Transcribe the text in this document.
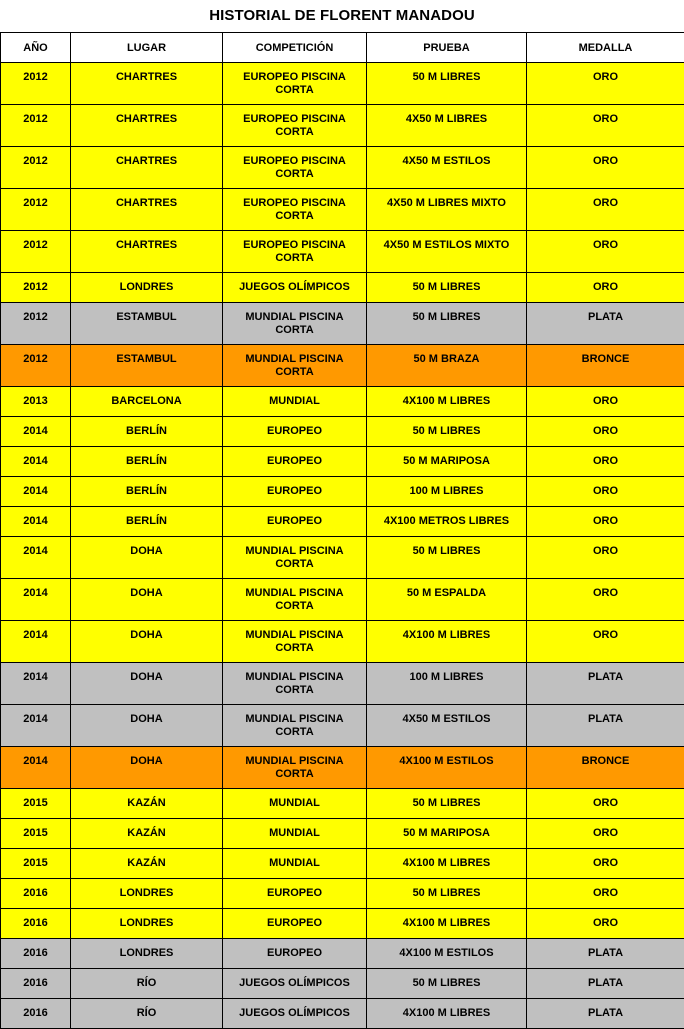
HISTORIAL DE FLORENT MANADOU
AÑO	LUGAR	COMPETICIÓN	PRUEBA	MEDALLA
2012	CHARTRES	EUROPEO PISCINA CORTA	50 M LIBRES	ORO
2012	CHARTRES	EUROPEO PISCINA CORTA	4X50 M LIBRES	ORO
2012	CHARTRES	EUROPEO PISCINA CORTA	4X50 M ESTILOS	ORO
2012	CHARTRES	EUROPEO PISCINA CORTA	4X50 M LIBRES MIXTO	ORO
2012	CHARTRES	EUROPEO PISCINA CORTA	4X50 M ESTILOS MIXTO	ORO
2012	LONDRES	JUEGOS OLÍMPICOS	50 M LIBRES	ORO
2012	ESTAMBUL	MUNDIAL PISCINA CORTA	50 M LIBRES	PLATA
2012	ESTAMBUL	MUNDIAL PISCINA CORTA	50 M BRAZA	BRONCE
2013	BARCELONA	MUNDIAL	4X100 M LIBRES	ORO
2014	BERLÍN	EUROPEO	50 M LIBRES	ORO
2014	BERLÍN	EUROPEO	50 M MARIPOSA	ORO
2014	BERLÍN	EUROPEO	100 M LIBRES	ORO
2014	BERLÍN	EUROPEO	4X100 METROS LIBRES	ORO
2014	DOHA	MUNDIAL PISCINA CORTA	50 M LIBRES	ORO
2014	DOHA	MUNDIAL PISCINA CORTA	50 M ESPALDA	ORO
2014	DOHA	MUNDIAL PISCINA CORTA	4X100 M LIBRES	ORO
2014	DOHA	MUNDIAL PISCINA CORTA	100 M LIBRES	PLATA
2014	DOHA	MUNDIAL PISCINA CORTA	4X50 M ESTILOS	PLATA
2014	DOHA	MUNDIAL PISCINA CORTA	4X100 M ESTILOS	BRONCE
2015	KAZÁN	MUNDIAL	50 M LIBRES	ORO
2015	KAZÁN	MUNDIAL	50 M MARIPOSA	ORO
2015	KAZÁN	MUNDIAL	4X100 M LIBRES	ORO
2016	LONDRES	EUROPEO	50 M LIBRES	ORO
2016	LONDRES	EUROPEO	4X100 M LIBRES	ORO
2016	LONDRES	EUROPEO	4X100 M ESTILOS	PLATA
2016	RÍO	JUEGOS OLÍMPICOS	50 M LIBRES	PLATA
2016	RÍO	JUEGOS OLÍMPICOS	4X100 M LIBRES	PLATA
